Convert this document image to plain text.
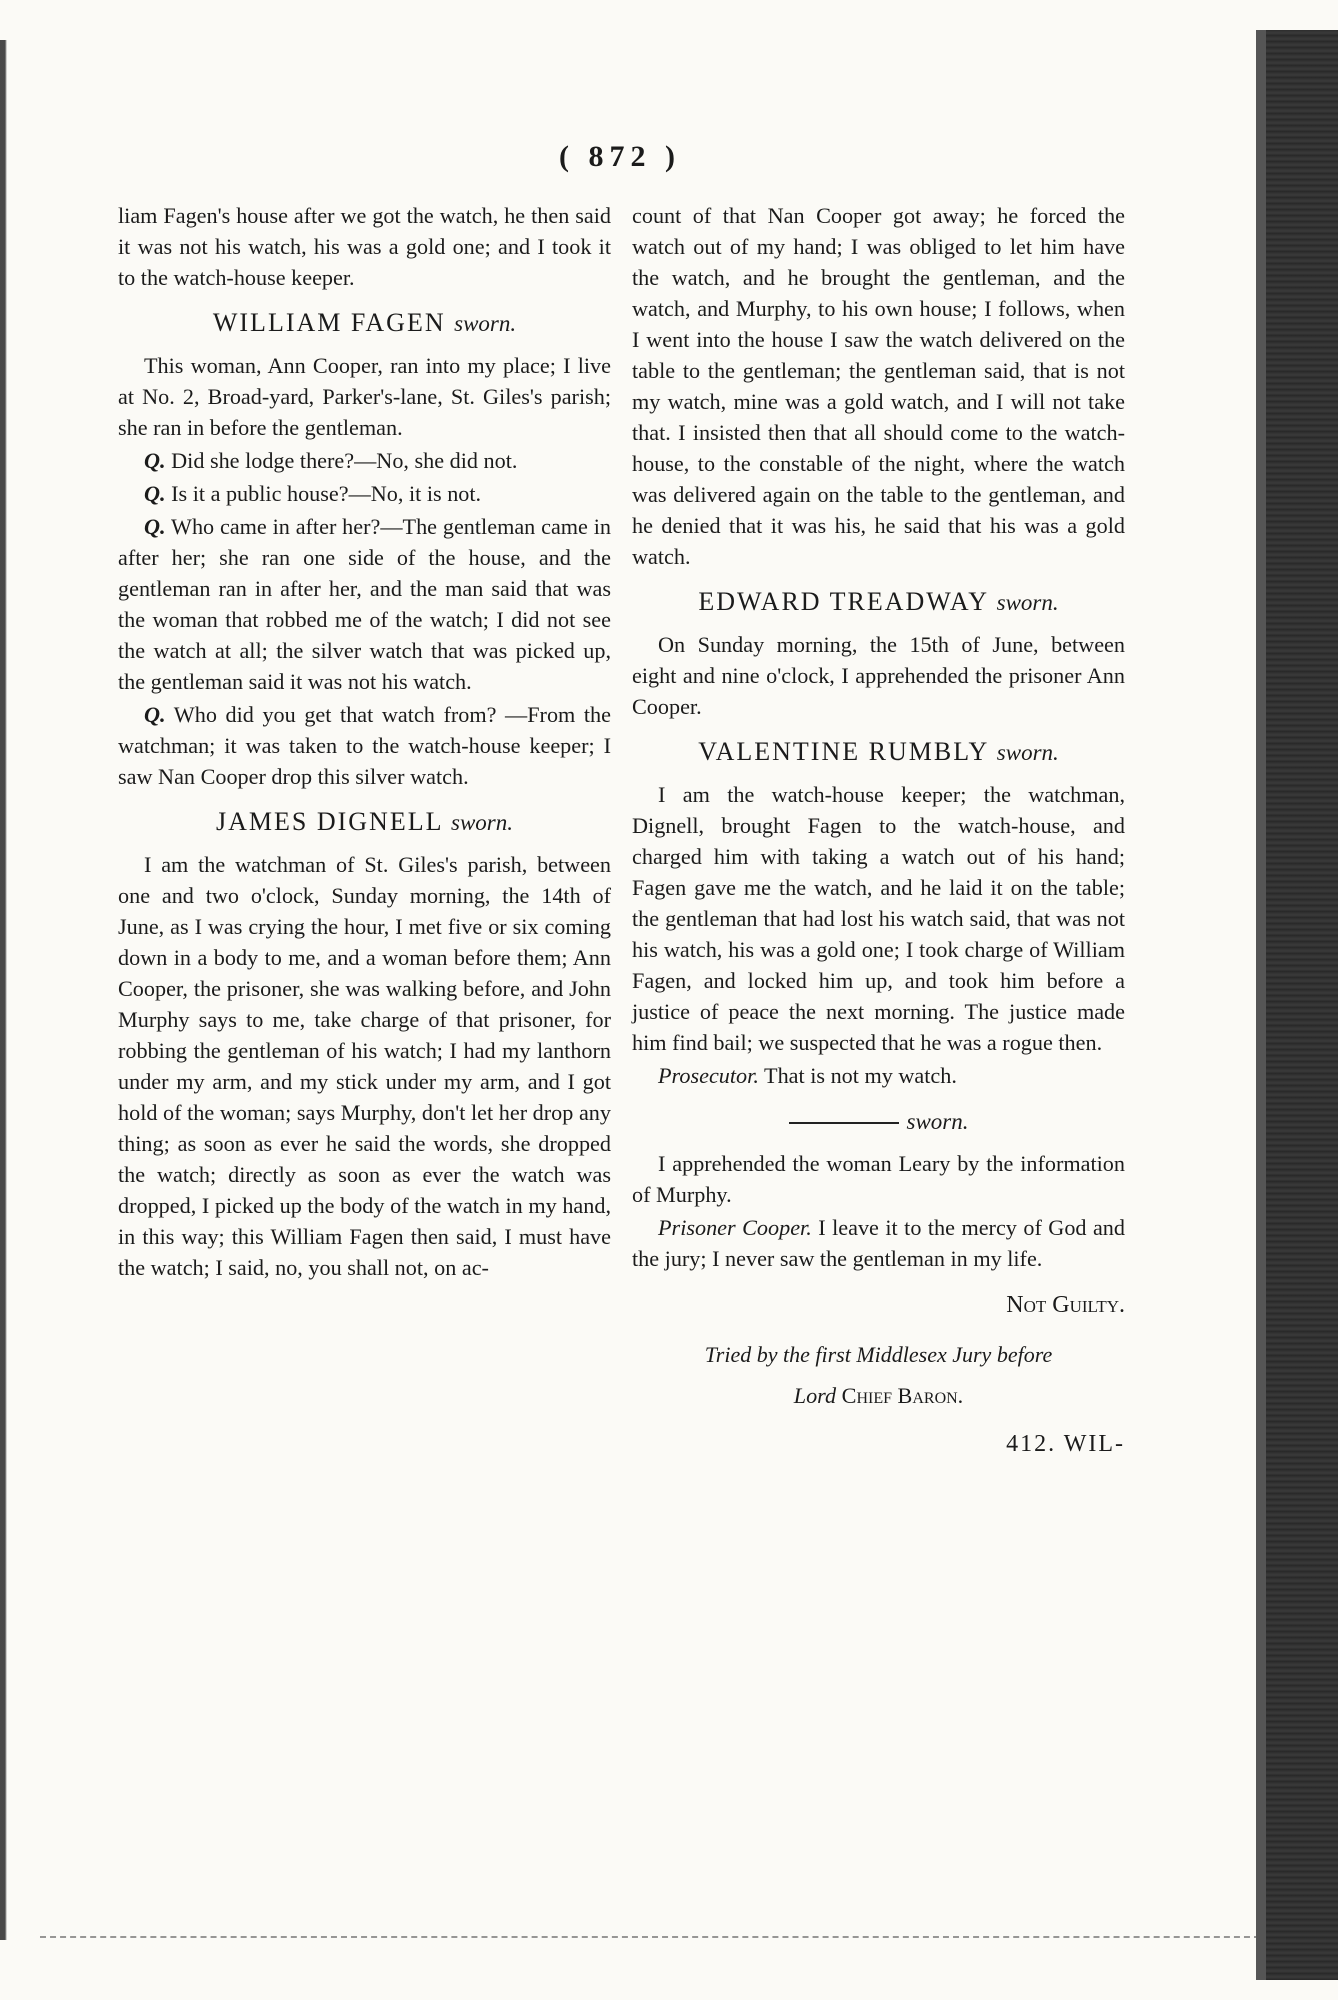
( 872 )

liam Fagen's house after we got the watch, he then said it was not his watch, his was a gold one; and I took it to the watch-house keeper.

WILLIAM FAGEN sworn.

This woman, Ann Cooper, ran into my place; I live at No. 2, Broad-yard, Parker's-lane, St. Giles's parish; she ran in before the gentleman.

Q. Did she lodge there?—No, she did not.

Q. Is it a public house?—No, it is not.

Q. Who came in after her?—The gentleman came in after her; she ran one side of the house, and the gentleman ran in after her, and the man said that was the woman that robbed me of the watch; I did not see the watch at all; the silver watch that was picked up, the gentleman said it was not his watch.

Q. Who did you get that watch from? —From the watchman; it was taken to the watch-house keeper; I saw Nan Cooper drop this silver watch.

JAMES DIGNELL sworn.

I am the watchman of St. Giles's parish, between one and two o'clock, Sunday morning, the 14th of June, as I was crying the hour, I met five or six coming down in a body to me, and a woman before them; Ann Cooper, the prisoner, she was walking before, and John Murphy says to me, take charge of that prisoner, for robbing the gentleman of his watch; I had my lanthorn under my arm, and my stick under my arm, and I got hold of the woman; says Murphy, don't let her drop any thing; as soon as ever he said the words, she dropped the watch; directly as soon as ever the watch was dropped, I picked up the body of the watch in my hand, in this way; this William Fagen then said, I must have the watch; I said, no, you shall not, on ac-

count of that Nan Cooper got away; he forced the watch out of my hand; I was obliged to let him have the watch, and he brought the gentleman, and the watch, and Murphy, to his own house; I follows, when I went into the house I saw the watch delivered on the table to the gentleman; the gentleman said, that is not my watch, mine was a gold watch, and I will not take that. I insisted then that all should come to the watch-house, to the constable of the night, where the watch was delivered again on the table to the gentleman, and he denied that it was his, he said that his was a gold watch.

EDWARD TREADWAY sworn.

On Sunday morning, the 15th of June, between eight and nine o'clock, I apprehended the prisoner Ann Cooper.

VALENTINE RUMBLY sworn.

I am the watch-house keeper; the watchman, Dignell, brought Fagen to the watch-house, and charged him with taking a watch out of his hand; Fagen gave me the watch, and he laid it on the table; the gentleman that had lost his watch said, that was not his watch, his was a gold one; I took charge of William Fagen, and locked him up, and took him before a justice of peace the next morning. The justice made him find bail; we suspected that he was a rogue then.

Prosecutor. That is not my watch.

sworn.

I apprehended the woman Leary by the information of Murphy.

Prisoner Cooper. I leave it to the mercy of God and the jury; I never saw the gentleman in my life.

Not Guilty.
Tried by the first Middlesex Jury before
Lord Chief Baron.
412. WIL-
